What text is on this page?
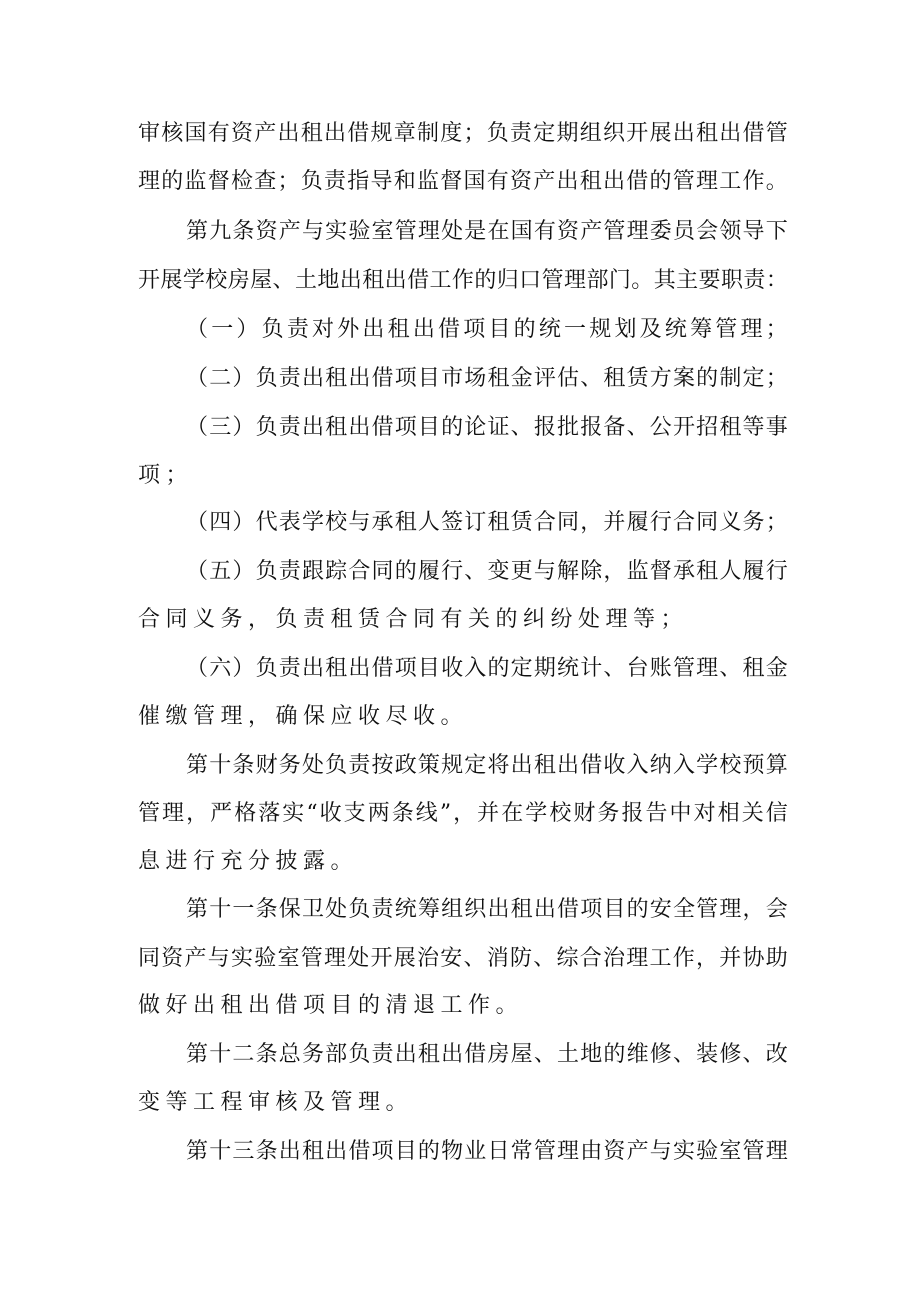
审 核 国 有 资 产 出 租 出 借 规 章 制 度 ； 负 责 定 期 组 织 开 展 出 租 出 借 管
理 的 监 督 检 查 ； 负 责 指 导 和 监 督 国 有 资 产 出 租 出 借 的 管 理 工 作 。
第 九 条 资 产 与 实 验 室 管 理 处 是 在 国 有 资 产 管 理 委 员 会 领 导 下
开 展 学 校 房 屋 、 土 地 出 租 出 借 工 作 的 归 口 管 理 部 门 。 其 主 要 职 责 ：
（ 一 ） 负 责 对 外 出 租 出 借 项 目 的 统 一 规 划 及 统 筹 管 理 ；
（ 二 ） 负 责 出 租 出 借 项 目 市 场 租 金 评 估 、 租 赁 方 案 的 制 定 ；
（ 三 ） 负 责 出 租 出 借 项 目 的 论 证 、 报 批 报 备 、 公 开 招 租 等 事
项；
（ 四 ） 代 表 学 校 与 承 租 人 签 订 租 赁 合 同 ， 并 履 行 合 同 义 务 ；
（ 五 ） 负 责 跟 踪 合 同 的 履 行 、 变 更 与 解 除 ， 监 督 承 租 人 履 行
合同义务，负责租赁合同有关的纠纷处理等；
（ 六 ） 负 责 出 租 出 借 项 目 收 入 的 定 期 统 计 、 台 账 管 理 、 租 金
催缴管理，确保应收尽收。
第 十 条 财 务 处 负 责 按 政 策 规 定 将 出 租 出 借 收 入 纳 入 学 校 预 算
管 理 ， 严 格 落 实 “ 收 支 两 条 线 ” ， 并 在 学 校 财 务 报 告 中 对 相 关 信
息进行充分披露。
第 十 一 条 保 卫 处 负 责 统 筹 组 织 出 租 出 借 项 目 的 安 全 管 理 ， 会
同 资 产 与 实 验 室 管 理 处 开 展 治 安 、 消 防 、 综 合 治 理 工 作 ， 并 协 助
做好出租出借项目的清退工作。
第 十 二 条 总 务 部 负 责 出 租 出 借 房 屋 、 土 地 的 维 修 、 装 修 、 改
变等工程审核及管理。
第 十 三 条 出 租 出 借 项 目 的 物 业 日 常 管 理 由 资 产 与 实 验 室 管 理
